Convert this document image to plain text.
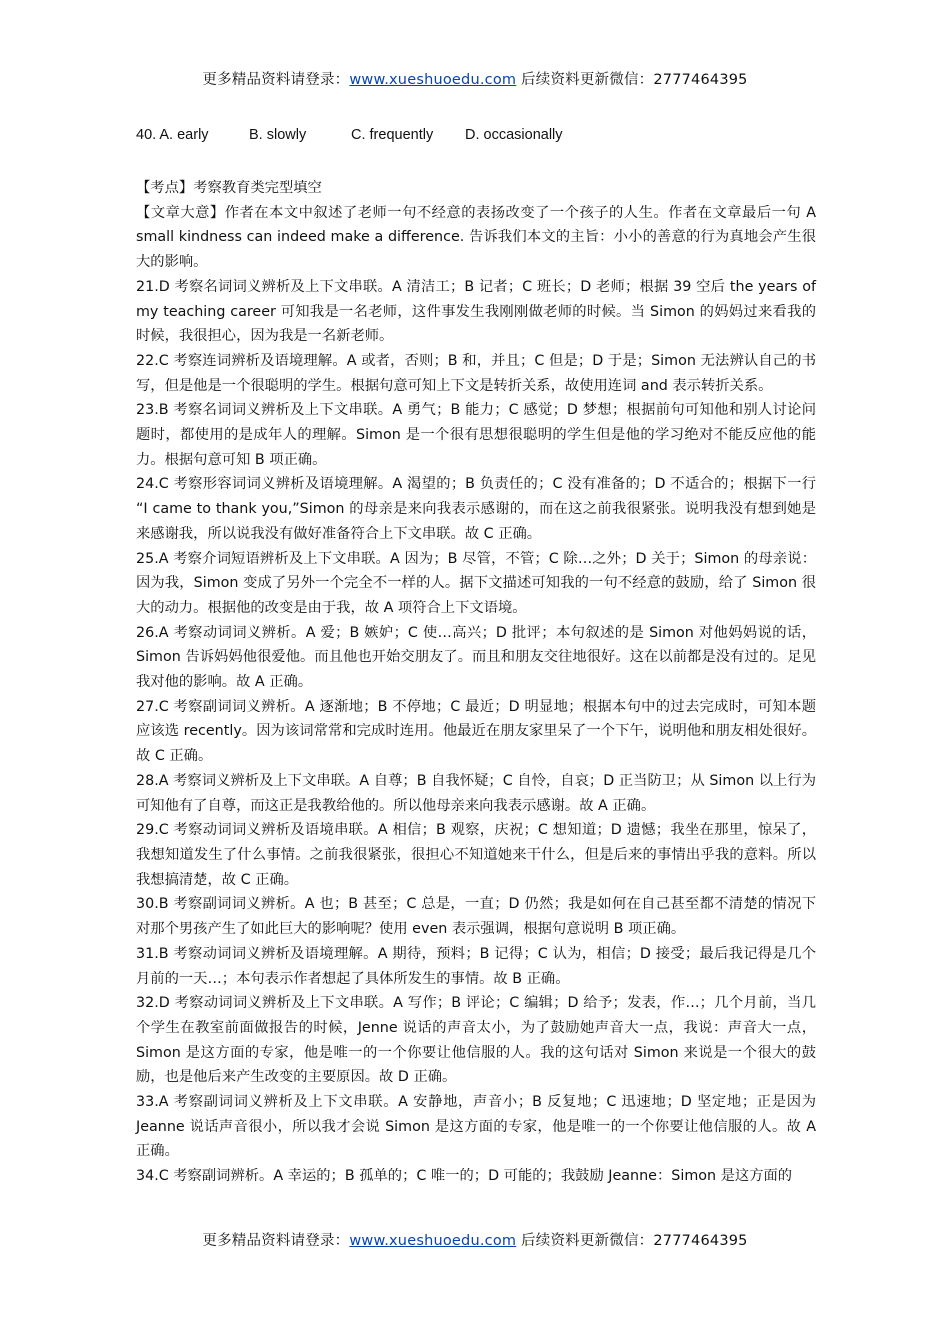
更多精品资料请登录：www.xueshuoedu.com 后续资料更新微信：2777464395
40. A. early	B. slowly	C. frequently D. occasionally

【考点】考察教育类完型填空

【文章大意】作者在本文中叙述了老师一句不经意的表扬改变了一个孩子的人生。作者在文章最后一句 A small kindness can indeed make a difference. 告诉我们本文的主旨：小小的善意的行为真地会产生很大的影响。

21.D 考察名词词义辨析及上下文串联。A 清洁工；B 记者；C 班长；D 老师；根据 39 空后 the years of my teaching career 可知我是一名老师，这件事发生我刚刚做老师的时候。当 Simon 的妈妈过来看我的时候，我很担心，因为我是一名新老师。

22.C 考察连词辨析及语境理解。A 或者，否则；B 和，并且；C 但是；D 于是；Simon 无法辨认自己的书写，但是他是一个很聪明的学生。根据句意可知上下文是转折关系，故使用连词 and 表示转折关系。

23.B 考察名词词义辨析及上下文串联。A 勇气；B 能力；C 感觉；D 梦想；根据前句可知他和别人讨论问题时，都使用的是成年人的理解。Simon 是一个很有思想很聪明的学生但是他的学习绝对不能反应他的能力。根据句意可知 B 项正确。

24.C 考察形容词词义辨析及语境理解。A 渴望的；B 负责任的；C 没有准备的；D 不适合的；根据下一行 “I came to thank you,”Simon 的母亲是来向我表示感谢的，而在这之前我很紧张。说明我没有想到她是来感谢我，所以说我没有做好准备符合上下文串联。故 C 正确。

25.A 考察介词短语辨析及上下文串联。A 因为；B 尽管，不管；C 除…之外；D 关于；Simon 的母亲说：因为我，Simon 变成了另外一个完全不一样的人。据下文描述可知我的一句不经意的鼓励，给了 Simon 很大的动力。根据他的改变是由于我，故 A 项符合上下文语境。

26.A 考察动词词义辨析。A 爱；B 嫉妒；C 使…高兴；D 批评；本句叙述的是 Simon 对他妈妈说的话，Simon 告诉妈妈他很爱他。而且他也开始交朋友了。而且和朋友交往地很好。这在以前都是没有过的。足见我对他的影响。故 A 正确。

27.C 考察副词词义辨析。A 逐渐地；B 不停地；C 最近；D 明显地；根据本句中的过去完成时，可知本题应该选 recently。因为该词常常和完成时连用。他最近在朋友家里呆了一个下午，说明他和朋友相处很好。故 C 正确。

28.A 考察词义辨析及上下文串联。A 自尊；B 自我怀疑；C 自怜，自哀；D 正当防卫；从 Simon 以上行为可知他有了自尊，而这正是我教给他的。所以他母亲来向我表示感谢。故 A 正确。

29.C 考察动词词义辨析及语境串联。A 相信；B 观察，庆祝；C 想知道；D 遗憾；我坐在那里，惊呆了，我想知道发生了什么事情。之前我很紧张，很担心不知道她来干什么，但是后来的事情出乎我的意料。所以我想搞清楚，故 C 正确。

30.B 考察副词词义辨析。A 也；B 甚至；C 总是，一直；D 仍然；我是如何在自己甚至都不清楚的情况下对那个男孩产生了如此巨大的影响呢？使用 even 表示强调，根据句意说明 B 项正确。

31.B 考察动词词义辨析及语境理解。A 期待，预料；B 记得；C 认为，相信；D 接受；最后我记得是几个月前的一天…；本句表示作者想起了具体所发生的事情。故 B 正确。

32.D 考察动词词义辨析及上下文串联。A 写作；B 评论；C 编辑；D 给予；发表，作…；几个月前，当几个学生在教室前面做报告的时候，Jenne 说话的声音太小，为了鼓励她声音大一点，我说：声音大一点，Simon 是这方面的专家，他是唯一的一个你要让他信服的人。我的这句话对 Simon 来说是一个很大的鼓励，也是他后来产生改变的主要原因。故 D 正确。

33.A 考察副词词义辨析及上下文串联。A 安静地，声音小；B 反复地；C 迅速地；D 坚定地；正是因为 Jeanne 说话声音很小，所以我才会说 Simon 是这方面的专家，他是唯一的一个你要让他信服的人。故 A 正确。

34.C 考察副词辨析。A 幸运的；B 孤单的；C 唯一的；D 可能的；我鼓励 Jeanne：Simon 是这方面的

更多精品资料请登录：www.xueshuoedu.com 后续资料更新微信：2777464395
